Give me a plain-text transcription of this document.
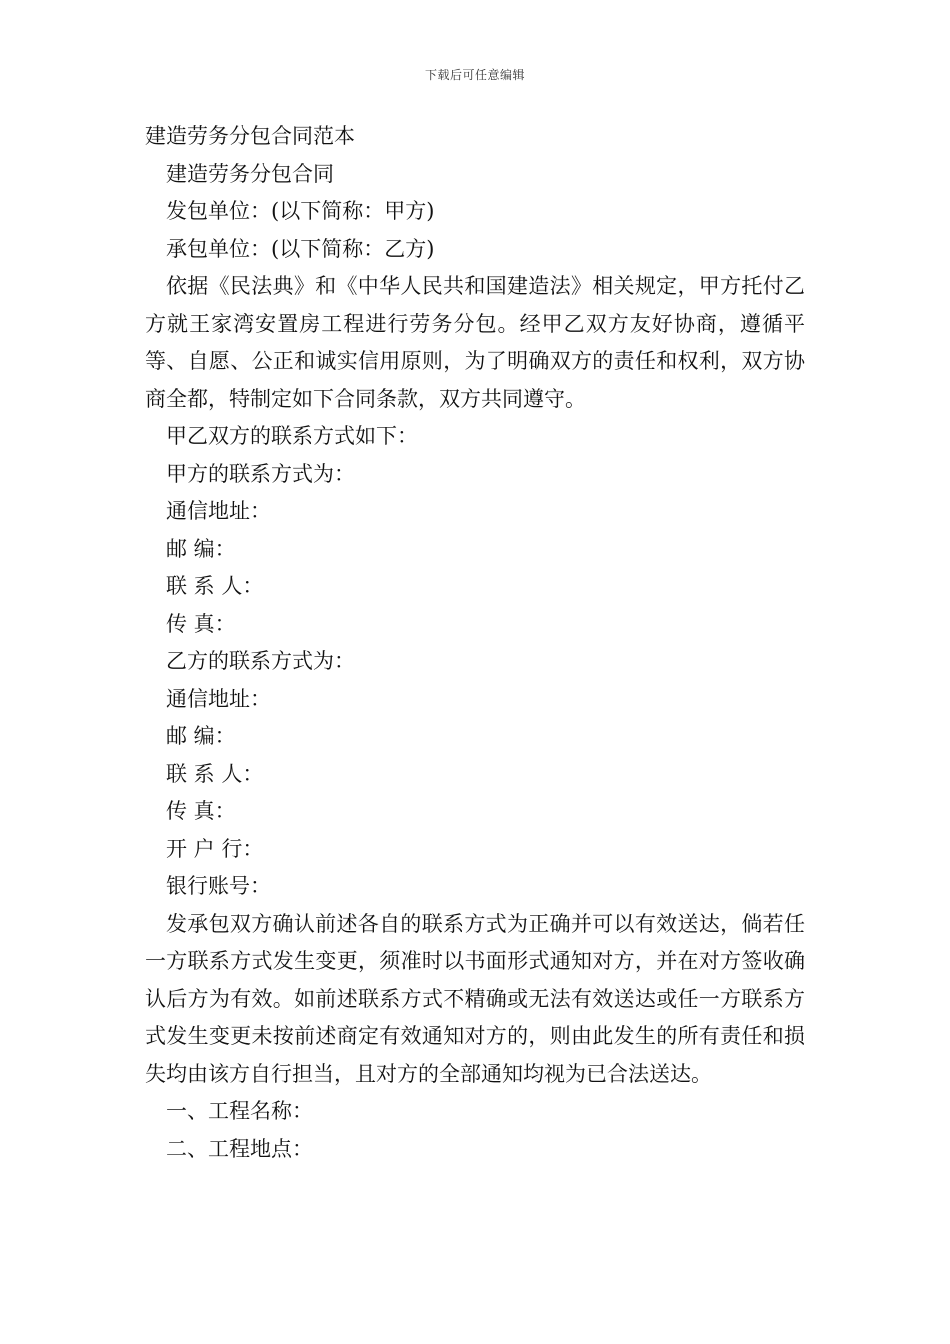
下载后可任意编辑

建造劳务分包合同范本

建造劳务分包合同

发包单位：(以下简称：甲方)

承包单位：(以下简称：乙方)

依据《民法典》和《中华人民共和国建造法》相关规定，甲方托付乙方就王家湾安置房工程进行劳务分包。经甲乙双方友好协商，遵循平等、自愿、公正和诚实信用原则，为了明确双方的责任和权利，双方协商全都，特制定如下合同条款，双方共同遵守。

甲乙双方的联系方式如下：

甲方的联系方式为：

通信地址：

邮 编：

联 系 人：

传 真：

乙方的联系方式为：

通信地址：

邮 编：

联 系 人：

传 真：

开 户 行：

银行账号：

发承包双方确认前述各自的联系方式为正确并可以有效送达，倘若任一方联系方式发生变更，须准时以书面形式通知对方，并在对方签收确认后方为有效。如前述联系方式不精确或无法有效送达或任一方联系方式发生变更未按前述商定有效通知对方的，则由此发生的所有责任和损失均由该方自行担当，且对方的全部通知均视为已合法送达。

一、工程名称：

二、工程地点：
